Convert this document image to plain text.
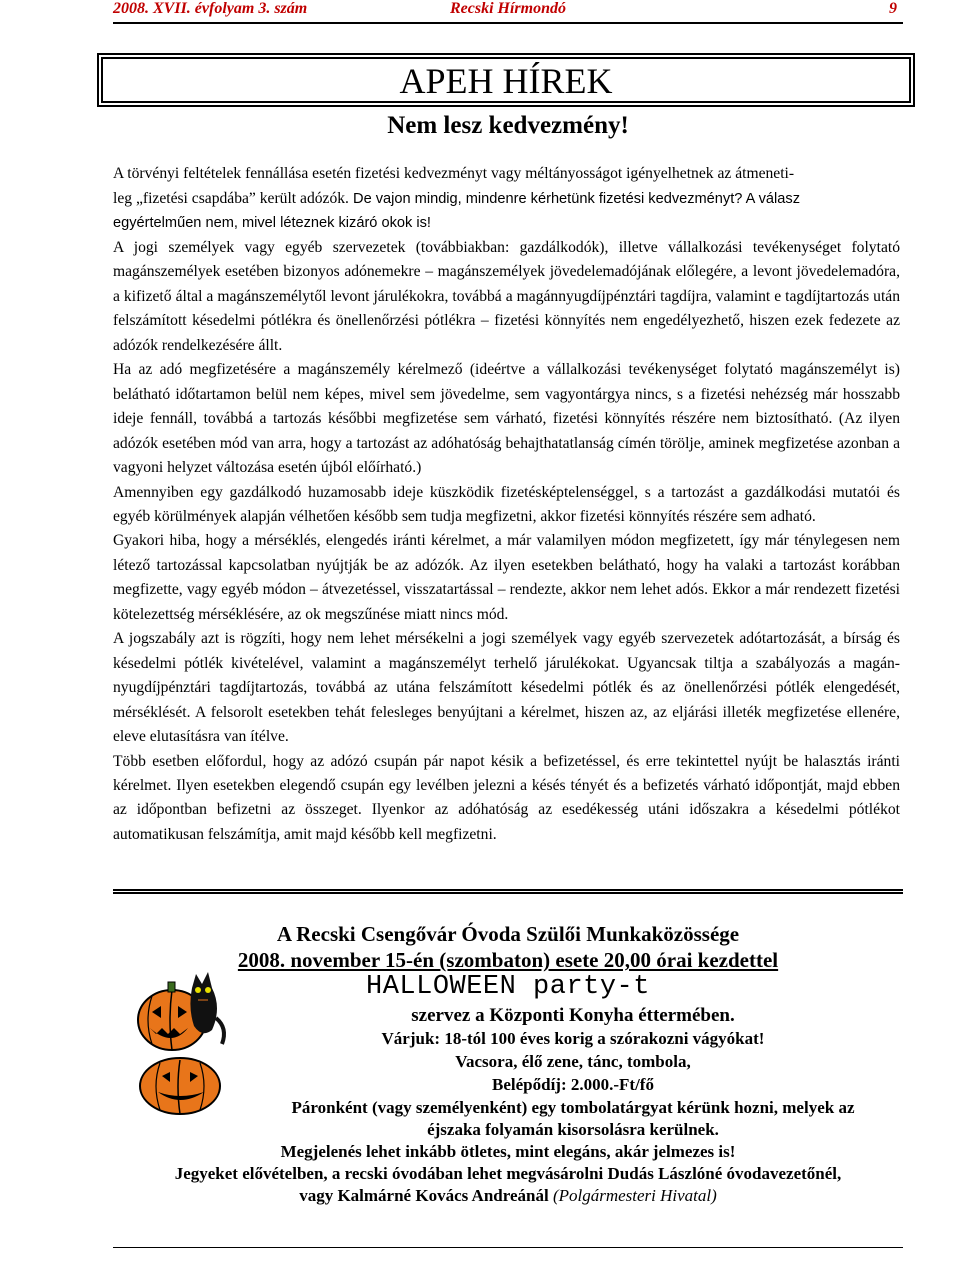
2008. XVII. évfolyam 3. szám	Recski Hírmondó	9
APEH HÍREK
Nem lesz kedvezmény!
A törvényi feltételek fennállása esetén fizetési kedvezményt vagy méltányosságot igényelhetnek az átmeneti-
leg „fizetési csapdába” került adózók. De vajon mindig, mindenre kérhetünk fizetési kedvezményt? A válasz
egyértelműen nem, mivel léteznek kizáró okok is!

A jogi személyek vagy egyéb szervezetek (továbbiakban: gazdálkodók), illetve vállalkozási tevékenységet folytató magánszemélyek esetében bizonyos adónemekre – magánszemélyek jövedelemadójának előlegére, a levont jövedelemadóra, a kifizető által a magánszemélytől levont járulékokra, továbbá a magánnyugdíjpénztári tagdíjra, valamint e tagdíjtartozás után felszámított késedelmi pótlékra és önellenőrzési pótlékra – fizetési könnyítés nem engedélyezhető, hiszen ezek fedezete az adózók rendelkezésére állt.

Ha az adó megfizetésére a magánszemély kérelmező (ideértve a vállalkozási tevékenységet folytató magánszemélyt is) belátható időtartamon belül nem képes, mivel sem jövedelme, sem vagyontárgya nincs, s a fizetési nehézség már hosszabb ideje fennáll, továbbá a tartozás későbbi megfizetése sem várható, fizetési könnyítés részére nem biztosítható. (Az ilyen adózók esetében mód van arra, hogy a tartozást az adóhatóság behajthatatlanság címén törölje, aminek megfizetése azonban a vagyoni helyzet változása esetén újból előírható.)

Amennyiben egy gazdálkodó huzamosabb ideje küszködik fizetésképtelenséggel, s a tartozást a gazdálkodási mutatói és egyéb körülmények alapján vélhetően később sem tudja megfizetni, akkor fizetési könnyítés részére sem adható.

Gyakori hiba, hogy a mérséklés, elengedés iránti kérelmet, a már valamilyen módon megfizetett, így már ténylegesen nem létező tartozással kapcsolatban nyújtják be az adózók. Az ilyen esetekben belátható, hogy ha valaki a tartozást korábban megfizette, vagy egyéb módon – átvezetéssel, visszatartással – rendezte, akkor nem lehet adós. Ekkor a már rendezett fizetési kötelezettség mérséklésére, az ok megszűnése miatt nincs mód.

A jogszabály azt is rögzíti, hogy nem lehet mérsékelni a jogi személyek vagy egyéb szervezetek adótartozását, a bírság és késedelmi pótlék kivételével, valamint a magánszemélyt terhelő járulékokat. Ugyancsak tiltja a szabályozás a magán-nyugdíjpénztári tagdíjtartozás, továbbá az utána felszámított késedelmi pótlék és az önellenőrzési pótlék elengedését, mérséklését. A felsorolt esetekben tehát felesleges benyújtani a kérelmet, hiszen az, az eljárási illeték megfizetése ellenére, eleve elutasításra van ítélve.

Több esetben előfordul, hogy az adózó csupán pár napot késik a befizetéssel, és erre tekintettel nyújt be halasztás iránti kérelmet. Ilyen esetekben elegendő csupán egy levélben jelezni a késés tényét és a befizetés várható időpontját, majd ebben az időpontban befizetni az összeget. Ilyenkor az adóhatóság az esedékesség utáni időszakra a késedelmi pótlékot automatikusan felszámítja, amit majd később kell megfizetni.

A Recski Csengővár Óvoda Szülői Munkaközössége
2008. november 15-én (szombaton) esete 20,00 órai kezdettel
HALLOWEEN party-t
szervez a Központi Konyha éttermében.
Várjuk: 18-tól 100 éves korig a szórakozni vágyókat!
Vacsora, élő zene, tánc, tombola,
Belépődíj: 2.000.-Ft/fő
Páronként (vagy személyenként) egy tombolatárgyat kérünk hozni, melyek az
éjszaka folyamán kisorsolásra kerülnek.
Megjelenés lehet inkább ötletes, mint elegáns, akár jelmezes is!
Jegyeket elővételben, a recski óvodában lehet megvásárolni Dudás Lászlóné óvodavezetőnél,
vagy Kalmárné Kovács Andreánál (Polgármesteri Hivatal)
